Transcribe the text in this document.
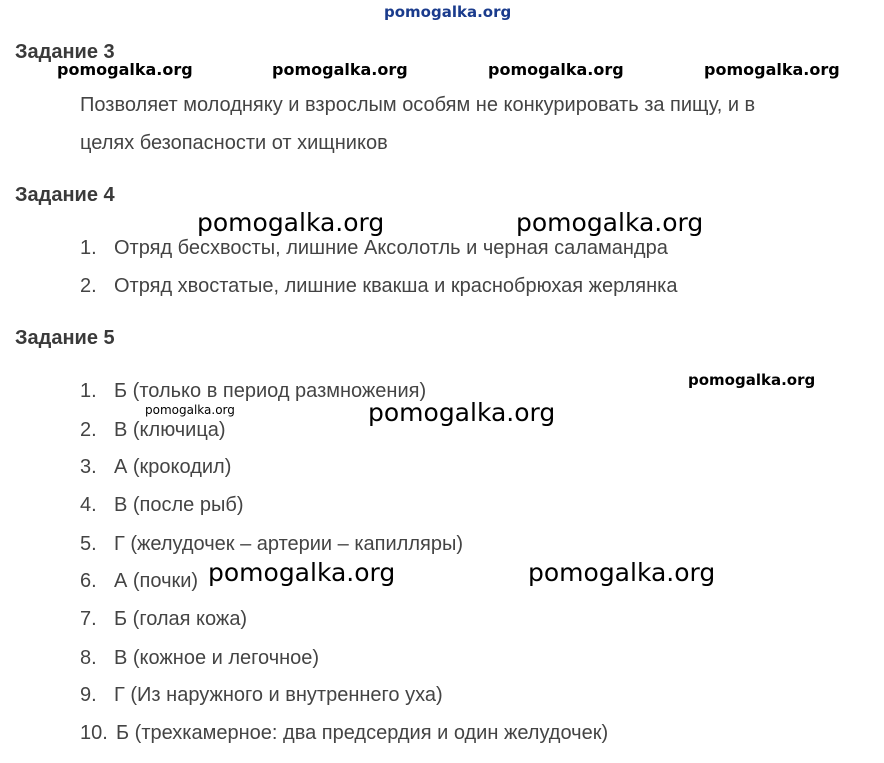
pomogalka.org
Задание 3
pomogalka.org	pomogalka.org	pomogalka.org	pomogalka.org
Позволяет молодняку и взрослым особям не конкурировать за пищу, и в
целях безопасности от хищников
Задание 4
pomogalka.org	pomogalka.org
1. Отряд бесхвосты, лишние Аксолотль и черная саламандра
2. Отряд хвостатые, лишние квакша и краснобрюхая жерлянка
Задание 5
pomogalka.org
1. Б (только в период размножения)
pomogalka.org	pomogalka.org
2. В (ключица)
3. А (крокодил)
4. В (после рыб)
5. Г (желудочек – артерии – капилляры)
6. А (почки) pomogalka.org	pomogalka.org
7. Б (голая кожа)
8. В (кожное и легочное)
9. Г (Из наружного и внутреннего уха)
10. Б (трехкамерное: два предсердия и один желудочек)
